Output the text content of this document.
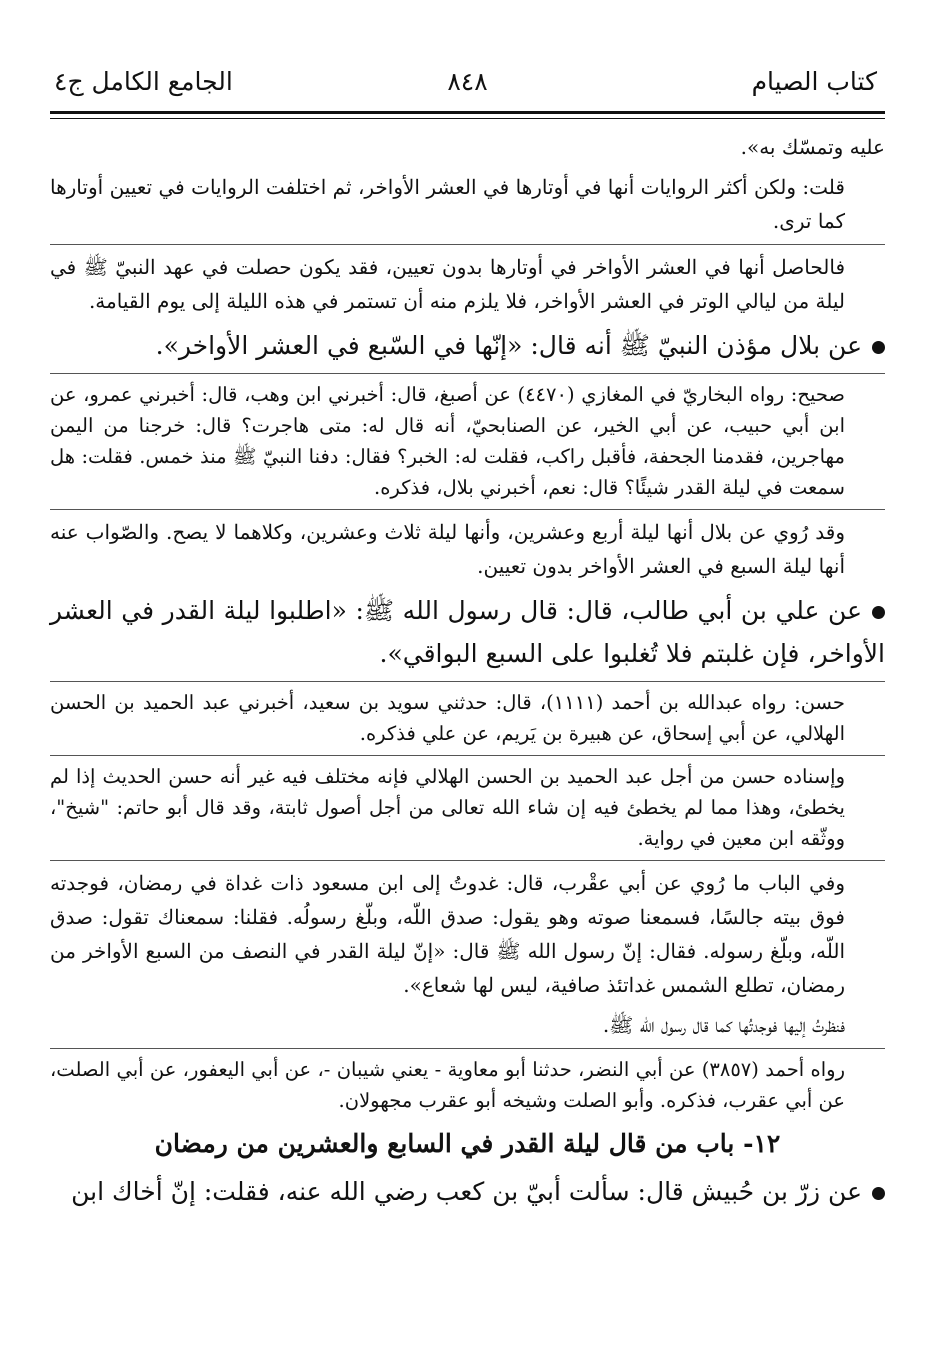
كتاب الصيام
٨٤٨
الجامع الكامل ج٤
عليه وتمسّك به».
قلت: ولكن أكثر الروايات أنها في أوتارها في العشر الأواخر، ثم اختلفت الروايات في تعيين أوتارها كما ترى.
فالحاصل أنها في العشر الأواخر في أوتارها بدون تعيين، فقد يكون حصلت في عهد النبيّ ﷺ في ليلة من ليالي الوتر في العشر الأواخر، فلا يلزم منه أن تستمر في هذه الليلة إلى يوم القيامة.
عن بلال مؤذن النبيّ ﷺ أنه قال: «إنّها في السّبع في العشر الأواخر».
صحيح: رواه البخاريّ في المغازي (٤٤٧٠) عن أصبغ، قال: أخبرني ابن وهب، قال: أخبرني عمرو، عن ابن أبي حبيب، عن أبي الخير، عن الصنابحيّ، أنه قال له: متى هاجرت؟ قال: خرجنا من اليمن مهاجرين، فقدمنا الجحفة، فأقبل راكب، فقلت له: الخبر؟ فقال: دفنا النبيّ ﷺ منذ خمس. فقلت: هل سمعت في ليلة القدر شيئًا؟ قال: نعم، أخبرني بلال، فذكره.
وقد رُوي عن بلال أنها ليلة أربع وعشرين، وأنها ليلة ثلاث وعشرين، وكلاهما لا يصح. والصّواب عنه أنها ليلة السبع في العشر الأواخر بدون تعيين.
عن علي بن أبي طالب، قال: قال رسول الله ﷺ: «اطلبوا ليلة القدر في العشر الأواخر، فإن غلبتم فلا تُغلبوا على السبع البواقي».
حسن: رواه عبدالله بن أحمد (١١١١)، قال: حدثني سويد بن سعيد، أخبرني عبد الحميد بن الحسن الهلالي، عن أبي إسحاق، عن هبيرة بن يَريم، عن علي فذكره.
وإسناده حسن من أجل عبد الحميد بن الحسن الهلالي فإنه مختلف فيه غير أنه حسن الحديث إذا لم يخطئ، وهذا مما لم يخطئ فيه إن شاء الله تعالى من أجل أصول ثابتة، وقد قال أبو حاتم: "شيخ"، ووثّقه ابن معين في رواية.
وفي الباب ما رُوي عن أبي عقْرب، قال: غدوتُ إلى ابن مسعود ذات غداة في رمضان، فوجدته فوق بيته جالسًا، فسمعنا صوته وهو يقول: صدق اللّه، وبلّغ رسولُه. فقلنا: سمعناك تقول: صدق اللّه، وبلّغ رسوله. فقال: إنّ رسول الله ﷺ قال: «إنّ ليلة القدر في النصف من السبع الأواخر من رمضان، تطلع الشمس غداتئذ صافية، ليس لها شعاع».
فنظرتُ إليها فوجدتُها كما قال رسول الله ﷺ.
رواه أحمد (٣٨٥٧) عن أبي النضر، حدثنا أبو معاوية - يعني شيبان -، عن أبي اليعفور، عن أبي الصلت، عن أبي عقرب، فذكره. وأبو الصلت وشيخه أبو عقرب مجهولان.
١٢- باب من قال ليلة القدر في السابع والعشرين من رمضان
عن زرّ بن حُبيش قال: سألت أبيّ بن كعب رضي الله عنه، فقلت: إنّ أخاك ابن
